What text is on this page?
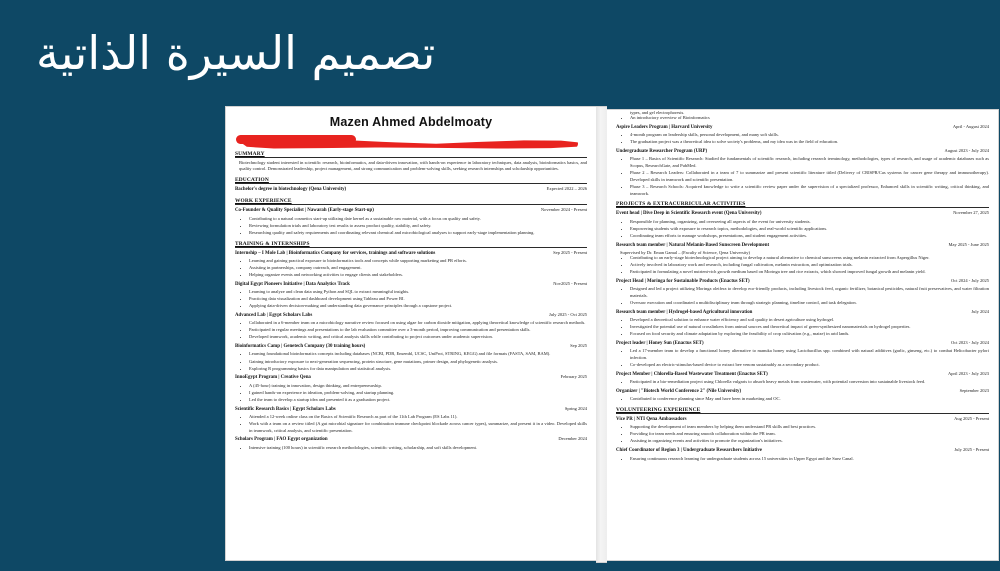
تصميم السيرة الذاتية
Mazen Ahmed Abdelmoaty

SUMMARY
Biotechnology student interested in scientific research, bioinformatics, and data-driven innovation, with hands-on experience in laboratory techniques, data analysis, bioinformatics basics, and quality control. Demonstrated leadership, project management, and strong communication and problem-solving skills, seeking research internships and scholarship opportunities.
EDUCATION
Bachelor's degree in biotechnology (Qena University)	Expected 2022 – 2026
WORK EXPERIENCE
Co-Founder & Quality Specialist | Nawarah (Early-stage Start-up)	November 2024 - Present
• Contributing to a natural cosmetics start-up utilizing date kernel as a sustainable raw material, with a focus on quality and safety.
• Reviewing formulation trials and laboratory test results to assess product quality, stability, and safety.
• Researching quality and safety requirements and coordinating relevant chemical and microbiological analyses to support early-stage implementation planning.
TRAINING & INTERNSHIPS
Internship – I Mole Lab | Bioinformatics Company for services, trainings and software solutions	Sep 2025 - Present
• Learning and gaining practical exposure to bioinformatics tools and concepts while supporting marketing and PR efforts.
• Assisting in partnerships, company outreach, and engagement.
• Helping organize events and networking activities to engage clients and stakeholders.
Digital Egypt Pioneers Initiative | Data Analytics Track	Nov2025 - Present
• Learning to analyze and clean data using Python and SQL to extract meaningful insights.
• Practicing data visualization and dashboard development using Tableau and Power BI.
• Applying data-driven decision-making and understanding data governance principles through a capstone project.
Advanced Lab | Egypt Scholars Labs	July 2025 - Oct 2025
• Collaborated in a 6-member team on a microbiology narrative review focused on using algae for carbon dioxide mitigation, applying theoretical knowledge of scientific research methods.
• Participated in regular meetings and presentations to the lab evaluation committee over a 3-month period, improving communication and presentation skills.
• Developed teamwork, academic writing, and critical analysis skills while contributing to project outcomes under academic supervision.
Bioinformatics Camp | Genetech Company (30 training hours)	Sep 2025
• Learning foundational bioinformatics concepts including databases (NCBI, PDB, Ensembl, UCSC, UniProt, STRING, KEGG) and file formats (FASTA, SAM, BAM).
• Gaining introductory exposure to next-generation sequencing, protein structure, gene mutations, primer design, and phylogenetic analysis.
• Exploring R programming basics for data manipulation and statistical analysis.
InnoEgypt Program | Creative Qena	February 2025
• A (45-hour) training in innovation, design thinking, and entrepreneurship.
• I gained hands-on experience in ideation, problem-solving, and startup planning.
• Led the team to develop a startup idea and presented it as a graduation project.
Scientific Research Basics | Egypt Scholars Labs	Spring 2024
• Attended a 12-week online class on the Basics of Scientific Research as part of the 11th Lab Program (ES Labs 11).
• Work with a team on a review titled (A gut microbial signature for combination immune checkpoint blockade across cancer types), summarize, and present it in a video. Developed skills in teamwork, critical analysis, and scientific presentation.
Scholars Program | FAO Egypt organization	December 2024
• Intensive training (100 hours) in scientific research methodologies, scientific writing, scholarship, and soft skills development.
types, and gel electrophoresis.
• An introductory overview of Bioinformatics
Aspire Leaders Program | Harvard University	April - August 2024
• 4-month program on leadership skills, personal development, and many soft skills.
• The graduation project was a theoretical idea to solve society's problems, and my idea was in the field of education.
Undergraduate Researcher Program (URP)	August 2023 - July 2024
• Phase 1 – Basics of Scientific Research: Studied the fundamentals of scientific research, including research terminology, methodologies, types of research, and usage of academic databases such as Scopus, ResearchGate, and PubMed.
• Phase 2 – Research Leaders: Collaborated in a team of 7 to summarize and present scientific literature titled (Delivery of CRISPR/Cas systems for cancer gene therapy and immunotherapy). Developed skills in teamwork and scientific presentation.
• Phase 3 – Research Schools: Acquired knowledge to write a scientific review paper under the supervision of a specialized professor, Enhanced skills in scientific writing, critical thinking, and teamwork.
PROJECTS & EXTRACURRICULAR ACTIVITIES
Event head | Dive Deep in Scientific Research event (Qena University)	November 27, 2025
• Responsible for planning, organizing, and overseeing all aspects of the event for university students.
• Empowering students with exposure to research topics, methodologies, and real-world scientific applications.
• Coordinating team efforts to manage workshops, presentations, and student engagement activities.
Research team member | Natural Melanin-Based Sunscreen Development	May 2025 - June 2025
Supervised by Dr. Eman Gamal – (Faculty of Science, Qena University)
• Contributing to an early-stage biotechnological project aiming to develop a natural alternative to chemical sunscreens using melanin extracted from Aspergillus Niger.
• Actively involved in laboratory work and research, including fungal cultivation, melanin extraction, and optimization trials.
• Participated in formulating a novel nutrient-rich growth medium based on Moringa tree and rice extracts, which showed improved fungal growth and melanin yield.
Project Head | Moringa for Sustainable Products (Enactus SET)	Oct 2024 - July 2025
• Designed and led a project utilizing Moringa oleifera to develop eco-friendly products, including livestock feed, organic fertilizer, botanical pesticides, natural fruit preservatives, and water filtration materials.
• Oversaw execution and coordinated a multidisciplinary team through strategic planning, timeline control, and task delegation.
Research team member | Hydrogel-based Agricultural innovation	July 2024
• Developed a theoretical solution to enhance water efficiency and soil quality in desert agriculture using hydrogel.
• Investigated the potential use of natural crosslinkers from animal sources and theoretical impact of green-synthesized nanomaterials on hydrogel properties.
• Focused on food security and climate adaptation by exploring the feasibility of crop cultivation (e.g., maize) in arid lands.
Project leader | Honey Sun (Enactus SET)	Oct 2023 - July 2024
• Led a 17-member team to develop a functional honey alternative to manuka honey using Lactobacillus spp. combined with natural additives (garlic, ginseng, etc.) to combat Helicobacter pylori infection.
• Co-developed an electric-stimulus-based device to extract bee venom sustainably as a secondary product.
Project Member | Chlorella-Based Wastewater Treatment (Enactus SET)	April 2023 - July 2023
• Participated in a bio-remediation project using Chlorella vulgaris to absorb heavy metals from wastewater, with potential conversion into sustainable livestock feed.
Organizer | "Biotech World Conference 2" (Nile University)	September 2023
• Contributed to conference planning since May and have been in marketing and OC.
VOLUNTEERING EXPERIENCE
Vice PR | NTI Qena Ambassadors	Aug 2025 - Present
• Supporting the development of team members by helping them understand PR skills and best practices.
• Providing for team needs and ensuring smooth collaboration within the PR team.
• Assisting in organizing events and activities to promote the organization's initiatives.
Chief Coordinator of Region 3 | Undergraduate Researchers Initiative	July 2025 - Present
• Ensuring continuous research learning for undergraduate students across 15 universities in Upper Egypt and the Suez Canal.
